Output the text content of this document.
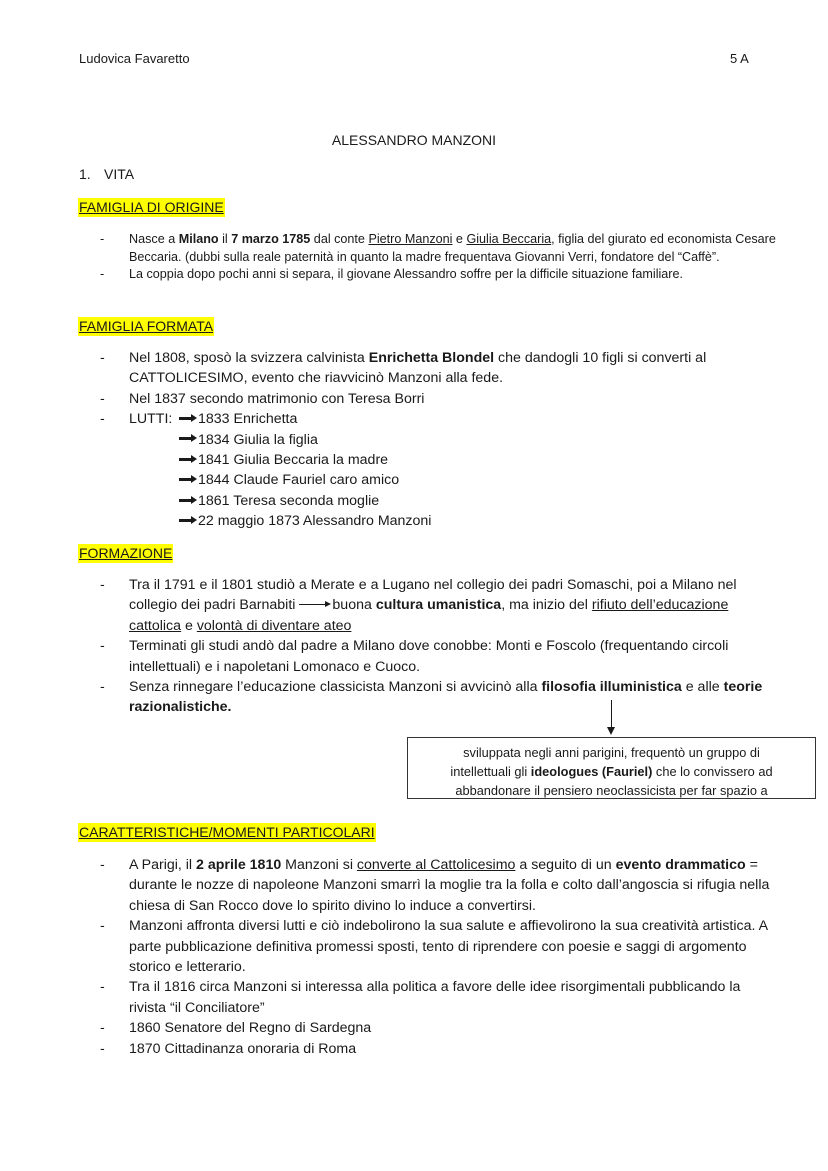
Ludovica Favaretto	5 A
ALESSANDRO MANZONI
1. VITA
FAMIGLIA DI ORIGINE
- Nasce a Milano il 7 marzo 1785 dal conte Pietro Manzoni e Giulia Beccaria, figlia del giurato ed economista Cesare Beccaria. (dubbi sulla reale paternità in quanto la madre frequentava Giovanni Verri, fondatore del “Caffè”.
- La coppia dopo pochi anni si separa, il giovane Alessandro soffre per la difficile situazione familiare.
FAMIGLIA FORMATA
- Nel 1808, sposò la svizzera calvinista Enrichetta Blondel che dandogli 10 figli si converti al CATTOLICESIMO, evento che riavvicinò Manzoni alla fede.
- Nel 1837 secondo matrimonio con Teresa Borri
- LUTTI: 1833 Enrichetta
1834 Giulia la figlia
1841 Giulia Beccaria la madre
1844 Claude Fauriel caro amico
1861 Teresa seconda moglie
22 maggio 1873 Alessandro Manzoni
FORMAZIONE
- Tra il 1791 e il 1801 studiò a Merate e a Lugano nel collegio dei padri Somaschi, poi a Milano nel collegio dei padri Barnabiti	buona cultura umanistica, ma inizio del rifiuto dell’educazione cattolica e volontà di diventare ateo
- Terminati gli studi andò dal padre a Milano dove conobbe: Monti e Foscolo (frequentando circoli intellettuali) e i napoletani Lomonaco e Cuoco.
- Senza rinnegare l’educazione classicista Manzoni si avvicinò alla filosofia illuministica e alle teorie razionalistiche.
sviluppata negli anni parigini, frequentò un gruppo di
intellettuali gli ideologues (Fauriel) che lo convissero ad
abbandonare il pensiero neoclassicista per far spazio a
CARATTERISTICHE/MOMENTI PARTICOLARI
- A Parigi, il 2 aprile 1810 Manzoni si converte al Cattolicesimo a seguito di un evento drammatico = durante le nozze di napoleone Manzoni smarrì la moglie tra la folla e colto dall’angoscia si rifugia nella chiesa di San Rocco dove lo spirito divino lo induce a convertirsi.
- Manzoni affronta diversi lutti e ciò indebolirono la sua salute e affievolirono la sua creatività artistica. A parte pubblicazione definitiva promessi sposti, tento di riprendere con poesie e saggi di argomento storico e letterario.
- Tra il 1816 circa Manzoni si interessa alla politica a favore delle idee risorgimentali pubblicando la rivista “il Conciliatore”
- 1860 Senatore del Regno di Sardegna
- 1870 Cittadinanza onoraria di Roma
